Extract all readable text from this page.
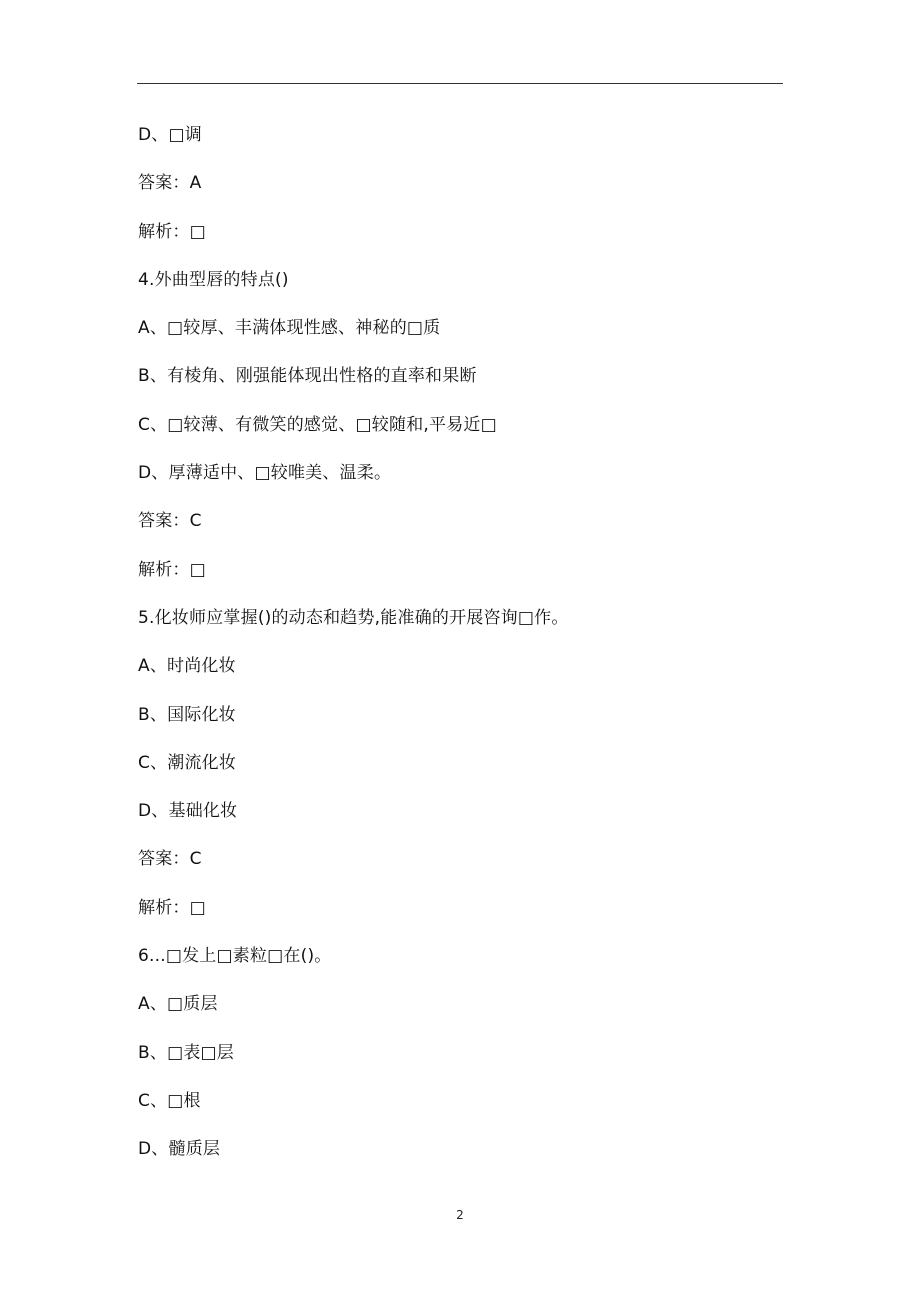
D、□调
答案：A
解析：□
4.外曲型唇的特点()
A、□较厚、丰满体现性感、神秘的□质
B、有棱角、刚强能体现出性格的直率和果断
C、□较薄、有微笑的感觉、□较随和,平易近□
D、厚薄适中、□较唯美、温柔。
答案：C
解析：□
5.化妆师应掌握()的动态和趋势,能准确的开展咨询□作。
A、时尚化妆
B、国际化妆
C、潮流化妆
D、基础化妆
答案：C
解析：□
6...□发上□素粒□在()。
A、□质层
B、□表□层
C、□根
D、髓质层
2
